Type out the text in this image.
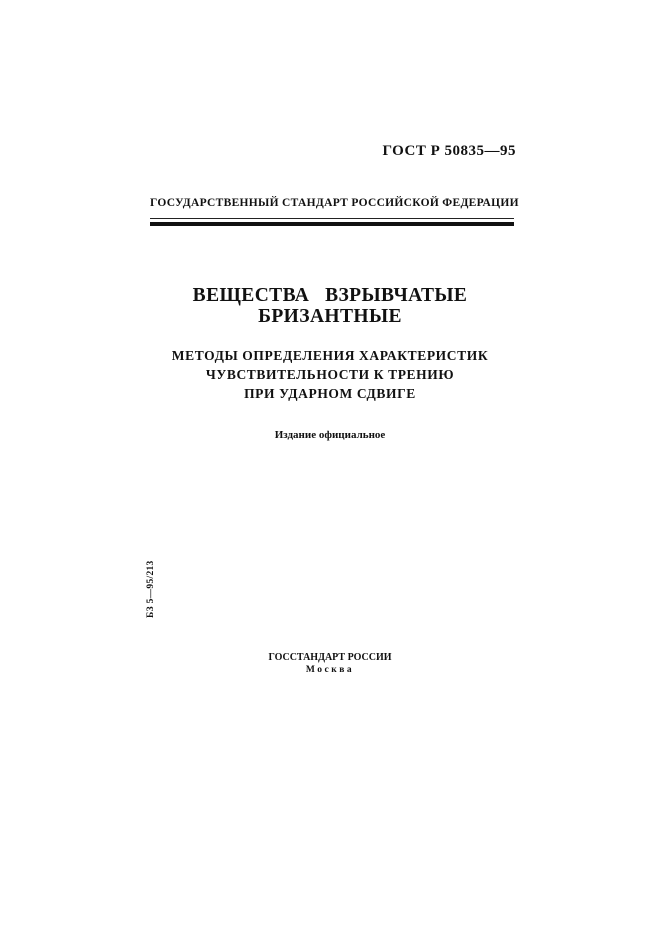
ГОСТ Р 50835—95
ГОСУДАРСТВЕННЫЙ СТАНДАРТ РОССИЙСКОЙ ФЕДЕРАЦИИ
ВЕЩЕСТВА   ВЗРЫВЧАТЫЕ
БРИЗАНТНЫЕ
МЕТОДЫ ОПРЕДЕЛЕНИЯ ХАРАКТЕРИСТИК
ЧУВСТВИТЕЛЬНОСТИ К ТРЕНИЮ
ПРИ УДАРНОМ СДВИГЕ
Издание официальное
БЗ 5—95/213
ГОССТАНДАРТ РОССИИ
Москва
